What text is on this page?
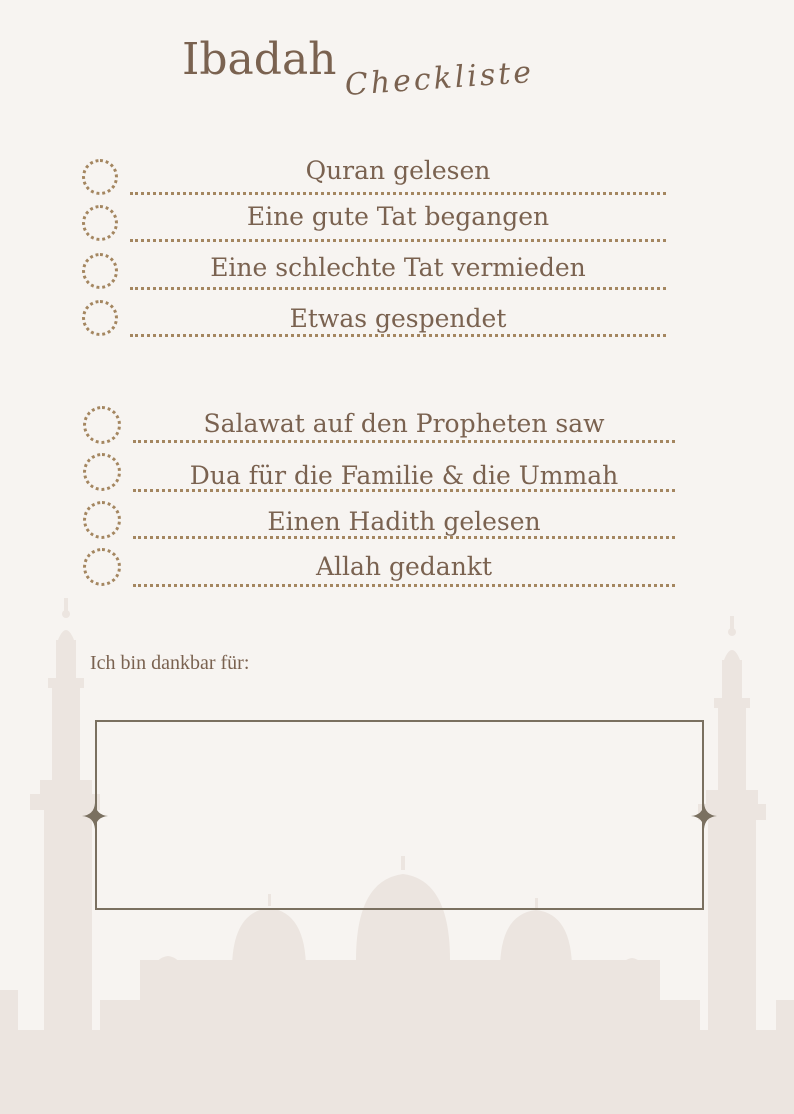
Ibadah Checkliste
Quran gelesen
Eine gute Tat begangen
Eine schlechte Tat vermieden
Etwas gespendet
Salawat auf den Propheten saw
Dua für die Familie & die Ummah
Einen Hadith gelesen
Allah gedankt
Ich bin dankbar für:
